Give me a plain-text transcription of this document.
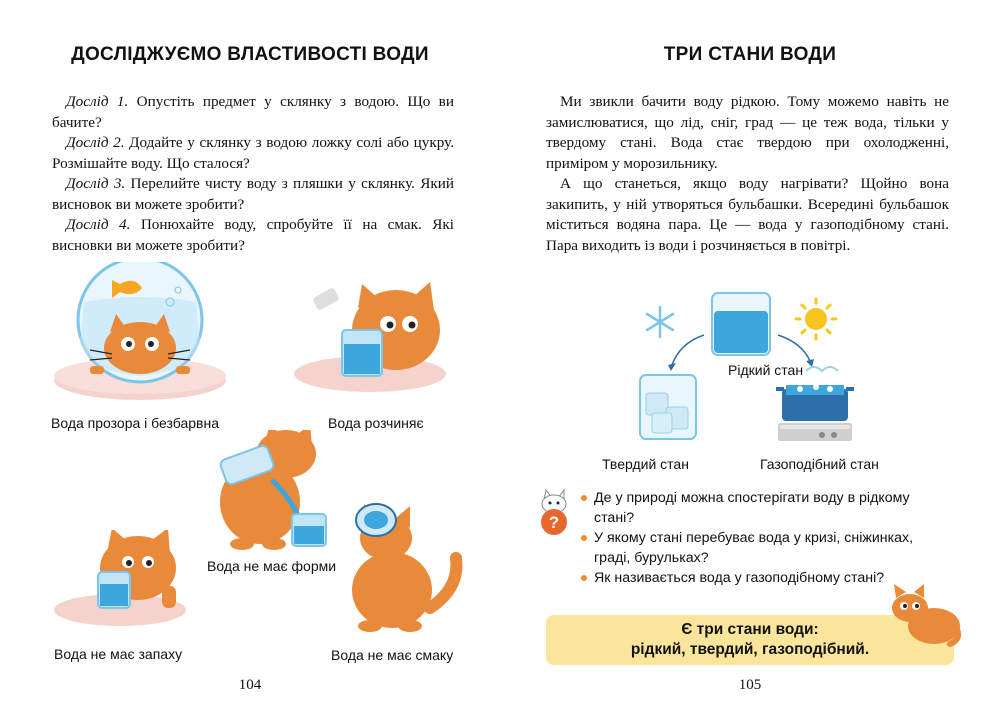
ДОСЛІДЖУЄМО ВЛАСТИВОСТІ ВОДИ

Дослід 1. Опустіть предмет у склянку з водою. Що ви бачите?

Дослід 2. Додайте у склянку з водою ложку солі або цукру. Розмішайте воду. Що сталося?

Дослід 3. Перелийте чисту воду з пляшки у склянку. Який висновок ви можете зробити?

Дослід 4. Понюхайте воду, спробуйте її на смак. Які висновки ви можете зробити?

Вода прозора і безбарвна	Вода розчиняє
Вода не має форми
Вода не має запаху	Вода не має смаку
104
ТРИ СТАНИ ВОДИ

Ми звикли бачити воду рідкою. Тому можемо навіть не замислюватися, що лід, сніг, град — це теж вода, тільки у твердому стані. Вода стає твердою при охолодженні, приміром у морозильнику.

А що станеться, якщо воду нагрівати? Щойно вона закипить, у ній утворяться бульбашки. Всередині бульбашок міститься водяна пара. Це — вода у газоподібному стані. Пара виходить із води і розчиняється в повітрі.

Рідкий стан
Твердий стан	Газоподібний стан
?
Де у природі можна спостерігати воду в рідкому стані?
У якому стані перебуває вода у кризі, сніжинках, граді, бурульках?
Як називається вода у газоподібному стані?
Є три стани води:
рідкий, твердий, газоподібний.
105
